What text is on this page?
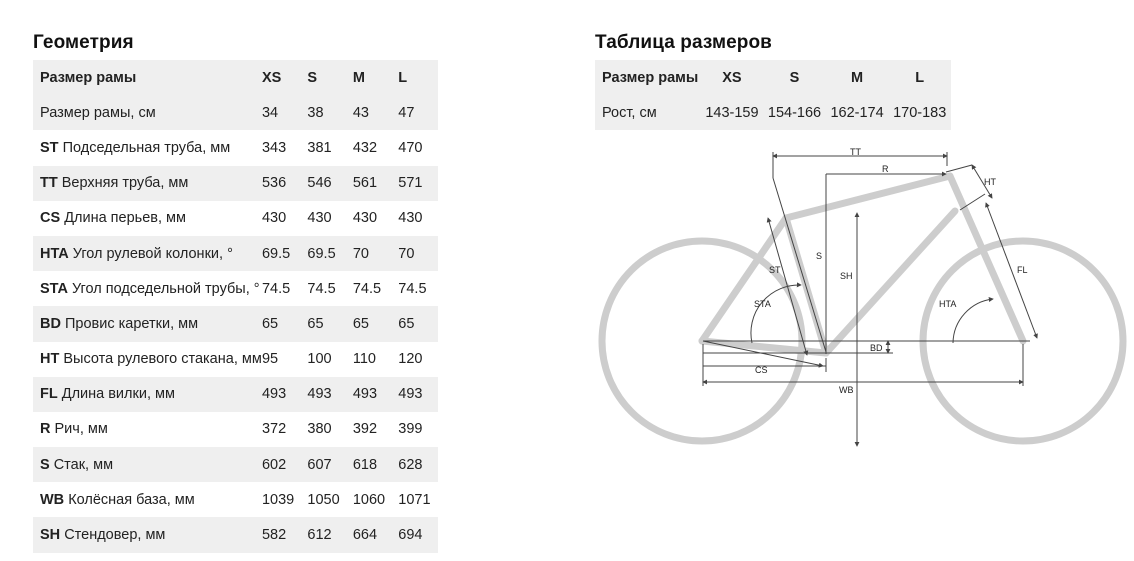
Геометрия
Размер рамы	XS	S	M	L
Размер рамы, см	34	38	43	47
ST Подседельная труба, мм	343	381	432	470
TT Верхняя труба, мм	536	546	561	571
CS Длина перьев, мм	430	430	430	430
HTA Угол рулевой колонки, °	69.5	69.5	70	70
STA Угол подседельной трубы, °	74.5	74.5	74.5	74.5
BD Провис каретки, мм	65	65	65	65
HT Высота рулевого стакана, мм	95	100	110	120
FL Длина вилки, мм	493	493	493	493
R Рич, мм	372	380	392	399
S Стак, мм	602	607	618	628
WB Колёсная база, мм	1039	1050	1060	1071
SH Стендовер, мм	582	612	664	694
Таблица размеров
Размер рамы	XS	S	M	L
Рост, см	143-159	154-166	162-174	170-183
TT
R
HT
S
SH
ST
STA
FL
HTA
BD
CS
WB
